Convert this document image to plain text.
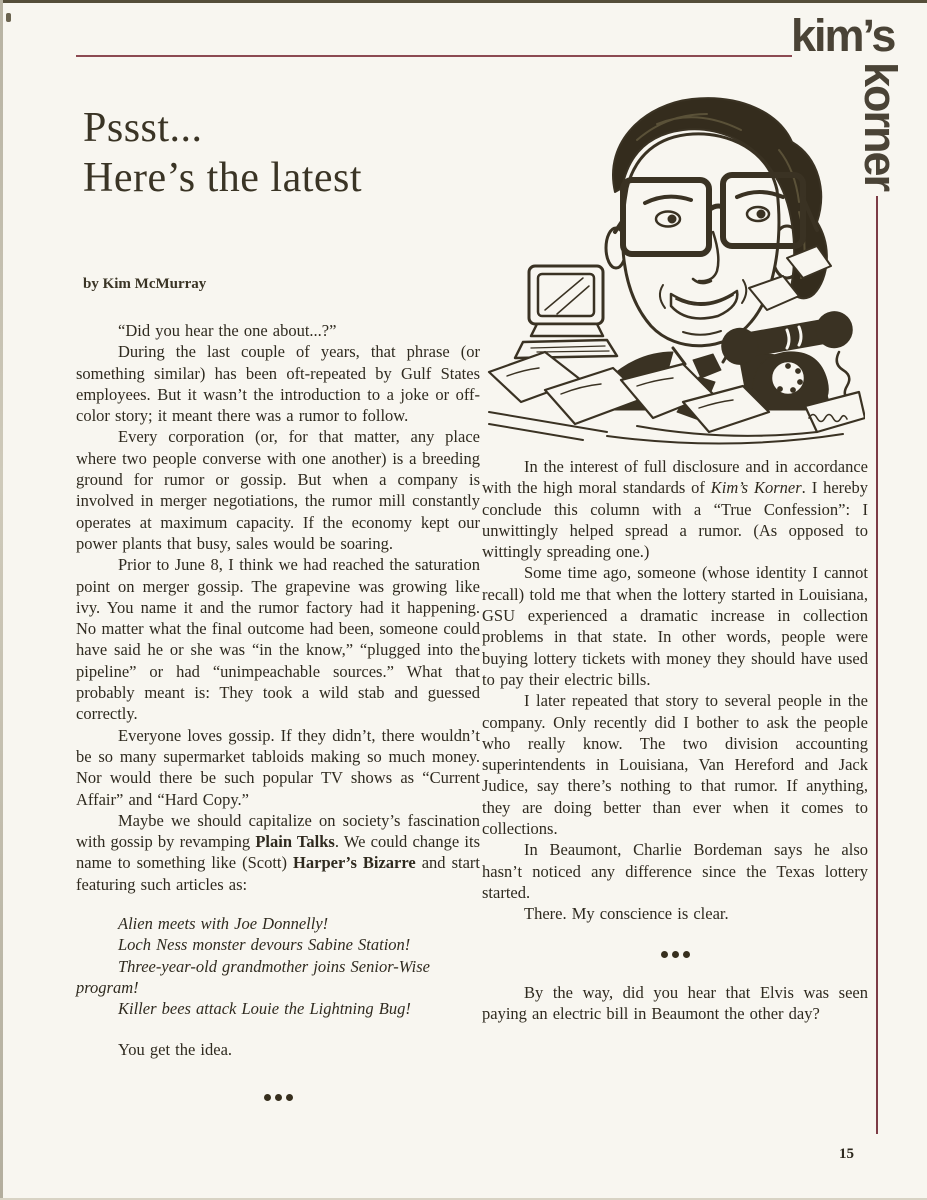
kim’s
korner
Pssst...
Here’s the latest
by Kim McMurray

“Did you hear the one about...?”

During the last couple of years, that phrase (or something similar) has been oft-repeated by Gulf States employees. But it wasn’t the introduction to a joke or off-color story; it meant there was a rumor to follow.

Every corporation (or, for that matter, any place where two people converse with one another) is a breeding ground for rumor or gossip. But when a company is involved in merger negotiations, the rumor mill constantly operates at maximum capacity. If the economy kept our power plants that busy, sales would be soaring.

Prior to June 8, I think we had reached the saturation point on merger gossip. The grapevine was growing like ivy. You name it and the rumor factory had it happening. No matter what the final outcome had been, someone could have said he or she was “in the know,” “plugged into the pipeline” or had “unimpeachable sources.” What that probably meant is: They took a wild stab and guessed correctly.

Everyone loves gossip. If they didn’t, there wouldn’t be so many supermarket tabloids making so much money. Nor would there be such popular TV shows as “Current Affair” and “Hard Copy.”

Maybe we should capitalize on society’s fascination with gossip by revamping Plain Talks. We could change its name to something like (Scott) Harper’s Bizarre and start featuring such articles as:

Alien meets with Joe Donnelly!

Loch Ness monster devours Sabine Station!

Three-year-old grandmother joins Senior-Wise program!

Killer bees attack Louie the Lightning Bug!

You get the idea.

In the interest of full disclosure and in accordance with the high moral standards of Kim’s Korner. I hereby conclude this column with a “True Confession”: I unwittingly helped spread a rumor. (As opposed to wittingly spreading one.)

Some time ago, someone (whose identity I cannot recall) told me that when the lottery started in Louisiana, GSU experienced a dramatic increase in collection problems in that state. In other words, people were buying lottery tickets with money they should have used to pay their electric bills.

I later repeated that story to several people in the company. Only recently did I bother to ask the people who really know. The two division accounting superintendents in Louisiana, Van Hereford and Jack Judice, say there’s nothing to that rumor. If anything, they are doing better than ever when it comes to collections.

In Beaumont, Charlie Bordeman says he also hasn’t noticed any difference since the Texas lottery started.

There. My conscience is clear.

By the way, did you hear that Elvis was seen paying an electric bill in Beaumont the other day?

15
